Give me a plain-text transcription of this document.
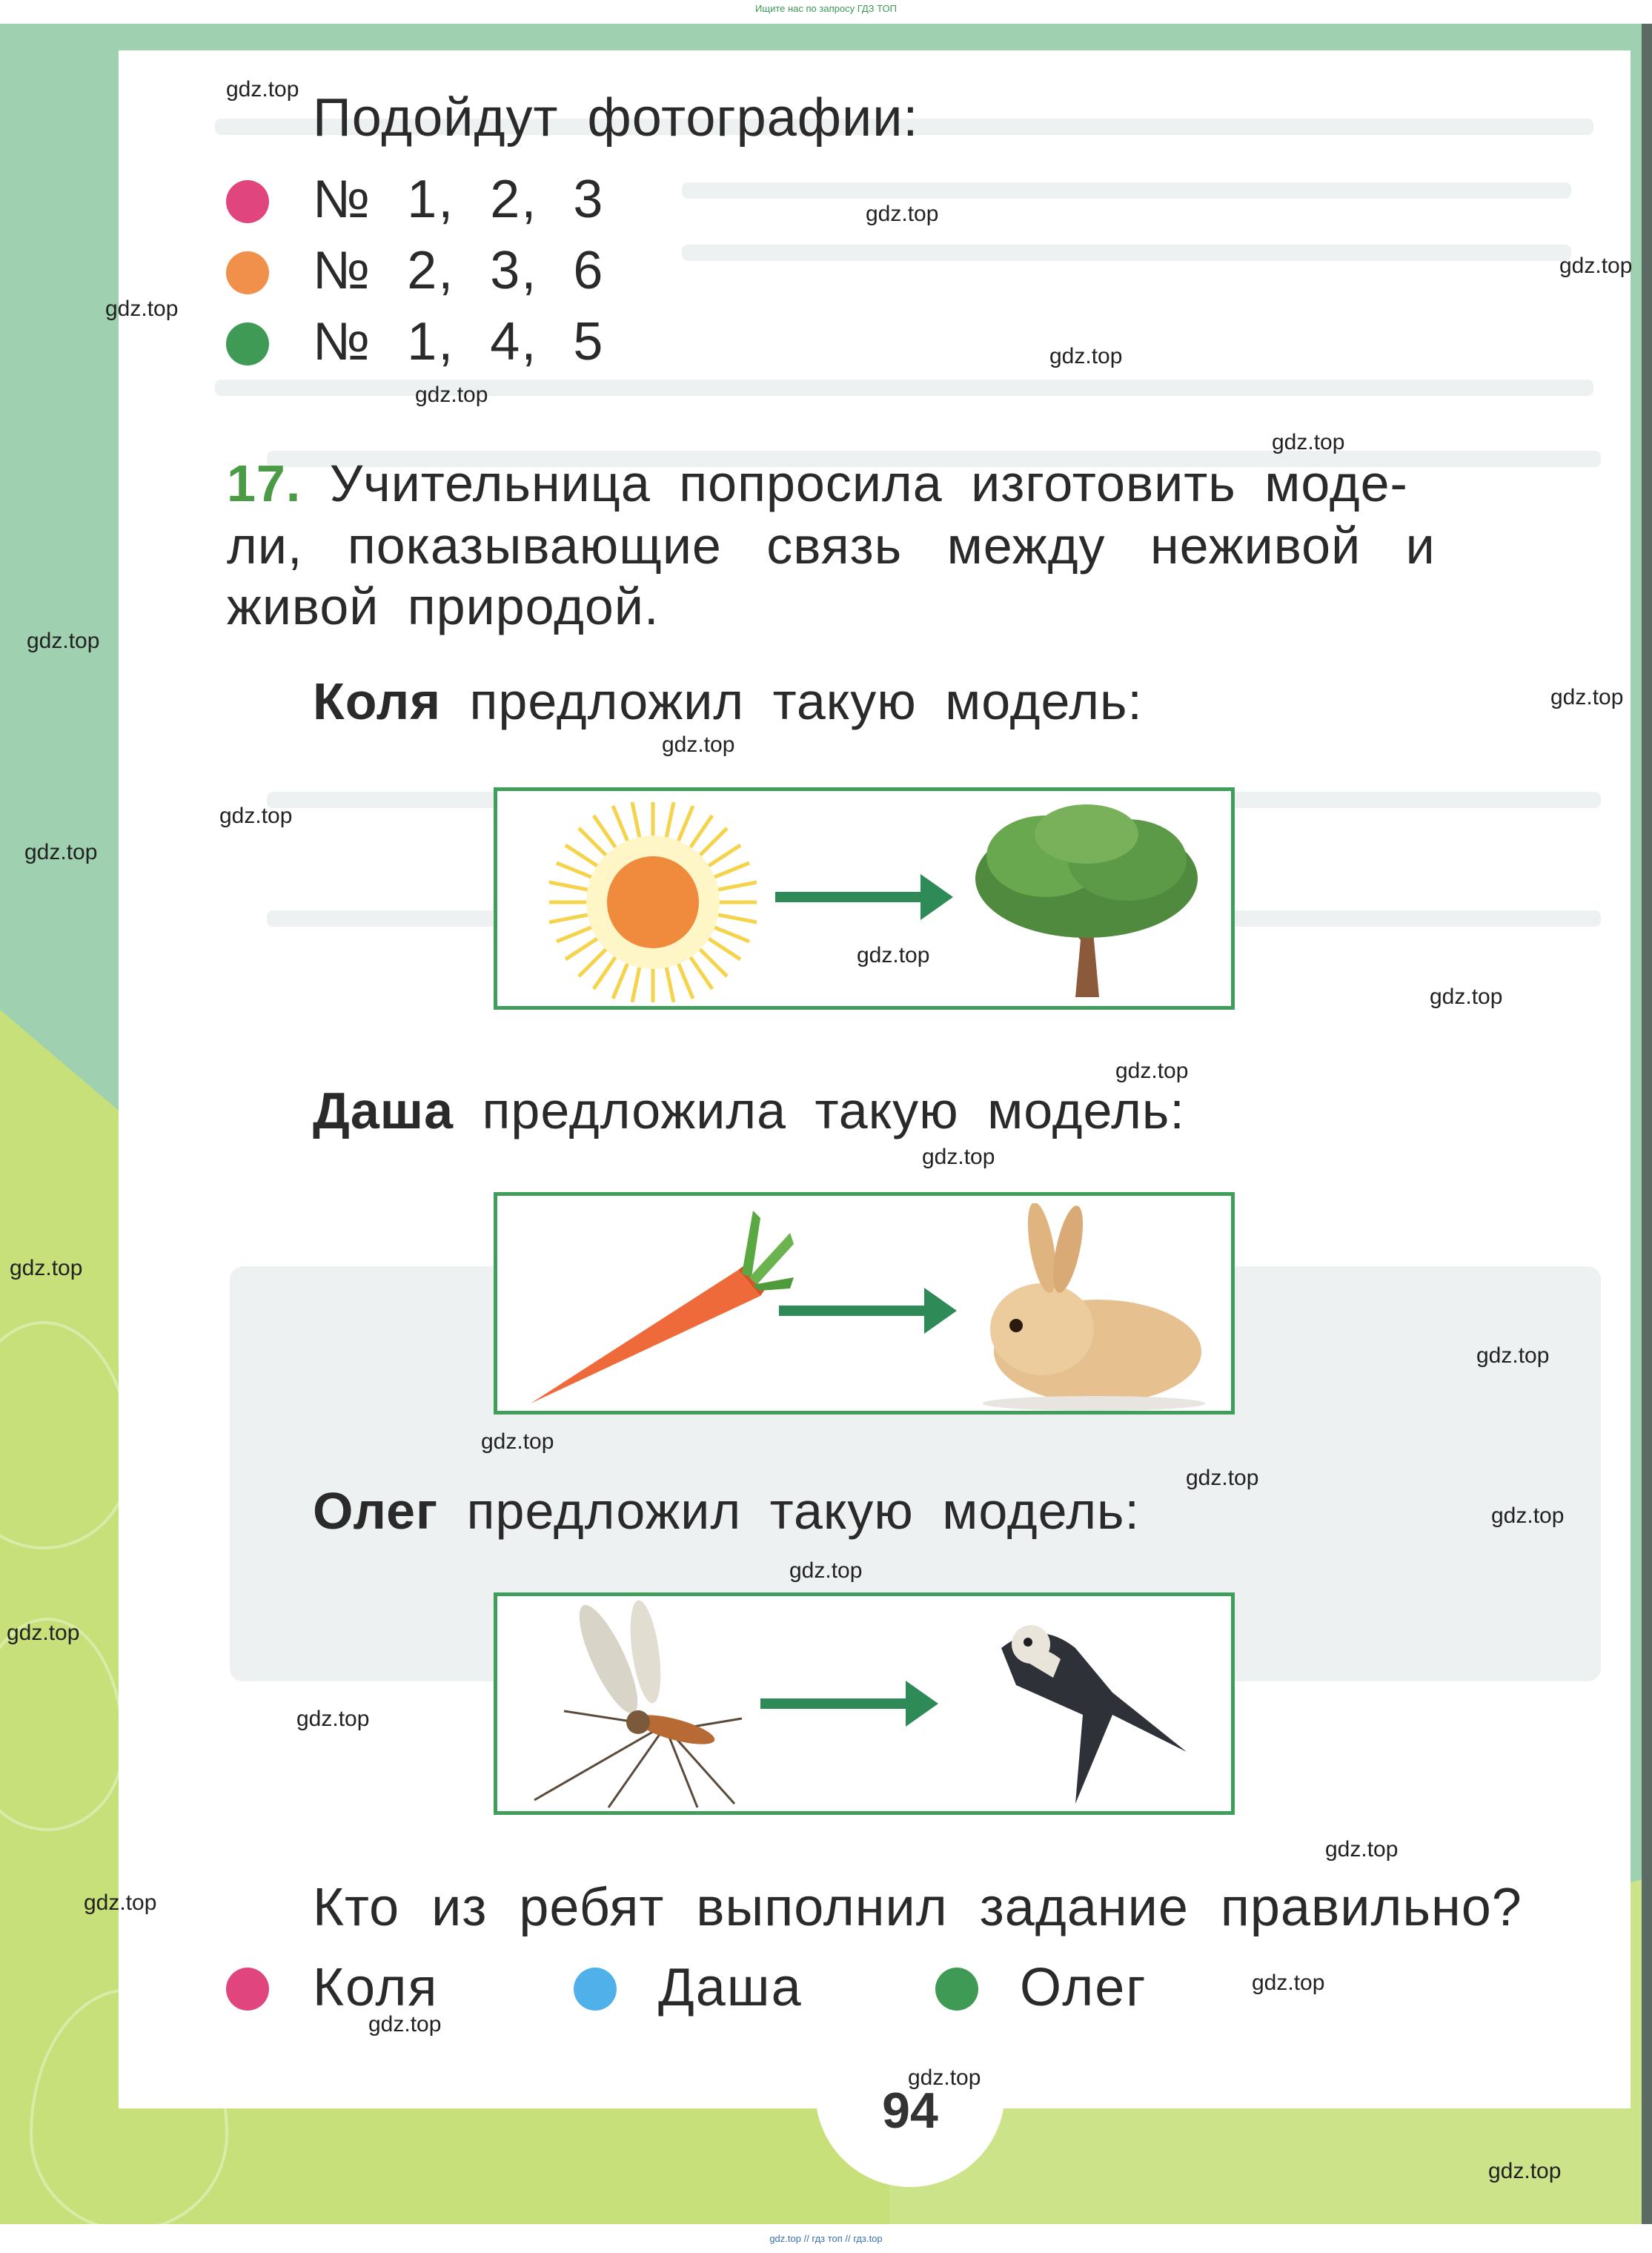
Ищите нас по запросу ГДЗ ТОП
Подойдут фотографии:
№ 1, 2, 3
№ 2, 3, 6
№ 1, 4, 5
17. Учительница попросила изготовить моде-
ли, показывающие связь между неживой и
живой природой.
Коля предложил такую модель:
Даша предложила такую модель:
Олег предложил такую модель:
Кто из ребят выполнил задание правильно?
Коля	Даша	Олег
94
gdz.top
gdz.top
gdz.top
gdz.top
gdz.top
gdz.top
gdz.top
gdz.top
gdz.top
gdz.top
gdz.top
gdz.top
gdz.top
gdz.top
gdz.top
gdz.top
gdz.top
gdz.top
gdz.top
gdz.top
gdz.top
gdz.top
gdz.top
gdz.top
gdz.top
gdz.top
gdz.top
gdz.top
gdz.top
gdz.top
gdz.top // гдз топ // гдз.top
